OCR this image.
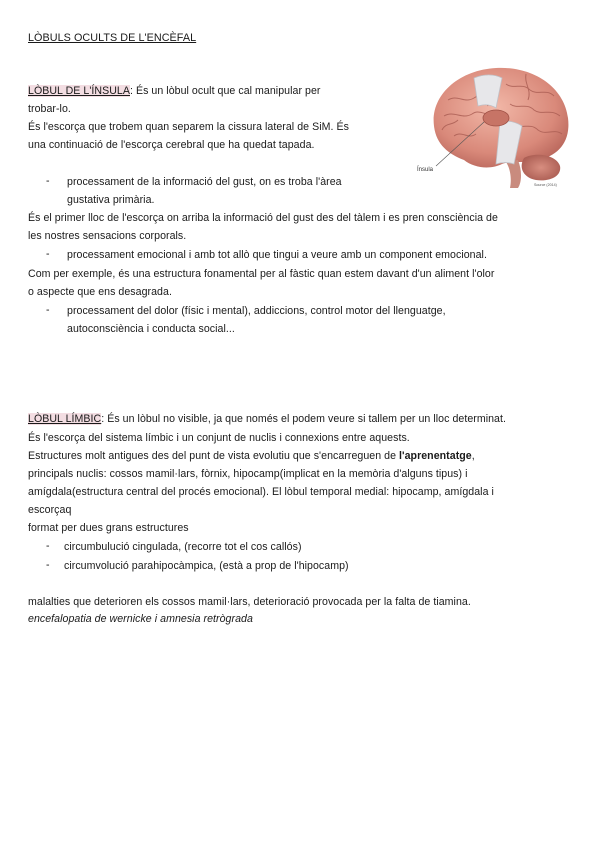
LÒBULS OCULTS DE L'ENCÈFAL
LÒBUL DE L'ÍNSULA: És un lòbul ocult que cal manipular per
trobar-lo.
És l'escorça que trobem quan separem la cissura lateral de SiM. És
una continuació de l'escorça cerebral que ha quedat tapada.
- processament de la informació del gust, on es troba l'àrea
gustativa primària.
És el primer lloc de l'escorça on arriba la informació del gust des del tàlem i es pren consciència de
les nostres sensacions corporals.
- processament emocional i amb tot allò que tingui a veure amb un component emocional.
Com per exemple, és una estructura fonamental per al fàstic quan estem davant d'un aliment l'olor
o aspecte que ens desagrada.
- processament del dolor (físic i mental), addiccions, control motor del llenguatge,
autoconsciència i conducta social...
Ínsula
Source (2014)
LÒBUL LÍMBIC: És un lòbul no visible, ja que només el podem veure si tallem per un lloc determinat.
És l'escorça del sistema límbic i un conjunt de nuclis i connexions entre aquests.
Estructures molt antigues des del punt de vista evolutiu que s'encarreguen de l'aprenentatge,
principals nuclis: cossos mamil·lars, fòrnix, hipocamp(implicat en la memòria d'alguns tipus) i
amígdala(estructura central del procés emocional). El lòbul temporal medial: hipocamp, amígdala i
escorçaq
format per dues grans estructures
- circumbulució cingulada, (recorre tot el cos callós)
- circumvolució parahipocàmpica, (està a prop de l'hipocamp)
malalties que deterioren els cossos mamil·lars, deterioració provocada per la falta de tiamina.
encefalopatia de wernicke i amnesia retrògrada
